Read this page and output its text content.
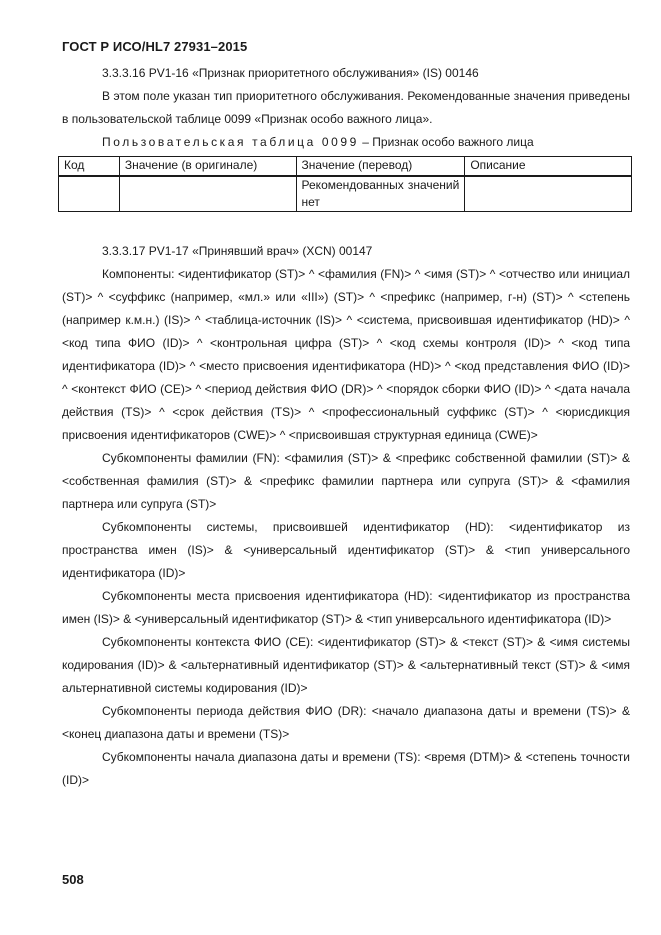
ГОСТ Р ИСО/HL7 27931–2015

3.3.3.16 PV1-16 «Признак приоритетного обслуживания» (IS) 00146

В этом поле указан тип приоритетного обслуживания. Рекомендованные значения приведены в пользовательской таблице 0099 «Признак особо важного лица».

Пользовательская таблица 0099 – Признак особо важного лица

Код	Значение (в оригинале)	Значение (перевод)	Описание
		Рекомендованных значений нет	

3.3.3.17 PV1-17 «Принявший врач» (XCN) 00147

Компоненты: <идентификатор (ST)> ^ <фамилия (FN)> ^ <имя (ST)> ^ <отчество или инициал (ST)> ^ <суффикс (например, «мл.» или «III») (ST)> ^ <префикс (например, г-н) (ST)> ^ <степень (например к.м.н.) (IS)> ^ <таблица-источник (IS)> ^ <система, присвоившая идентификатор (HD)> ^ <код типа ФИО (ID)> ^ <контрольная цифра (ST)> ^ <код схемы контроля (ID)> ^ <код типа идентификатора (ID)> ^ <место присвоения идентификатора (HD)> ^ <код представления ФИО (ID)> ^ <контекст ФИО (CE)> ^ <период действия ФИО (DR)> ^ <порядок сборки ФИО (ID)> ^ <дата начала действия (TS)> ^ <срок действия (TS)> ^ <профессиональный суффикс (ST)> ^ <юрисдикция присвоения идентификаторов (CWE)> ^ <присвоившая структурная единица (CWE)>

Субкомпоненты фамилии (FN): <фамилия (ST)> & <префикс собственной фамилии (ST)> & <собственная фамилия (ST)> & <префикс фамилии партнера или супруга (ST)> & <фамилия партнера или супруга (ST)>

Субкомпоненты системы, присвоившей идентификатор (HD): <идентификатор из пространства имен (IS)> & <универсальный идентификатор (ST)> & <тип универсального идентификатора (ID)>

Субкомпоненты места присвоения идентификатора (HD): <идентификатор из пространства имен (IS)> & <универсальный идентификатор (ST)> & <тип универсального идентификатора (ID)>

Субкомпоненты контекста ФИО (CE): <идентификатор (ST)> & <текст (ST)> & <имя системы кодирования (ID)> & <альтернативный идентификатор (ST)> & <альтернативный текст (ST)> & <имя альтернативной системы кодирования (ID)>

Субкомпоненты периода действия ФИО (DR): <начало диапазона даты и времени (TS)> & <конец диапазона даты и времени (TS)>

Субкомпоненты начала диапазона даты и времени (TS): <время (DTM)> & <степень точности (ID)>

508
